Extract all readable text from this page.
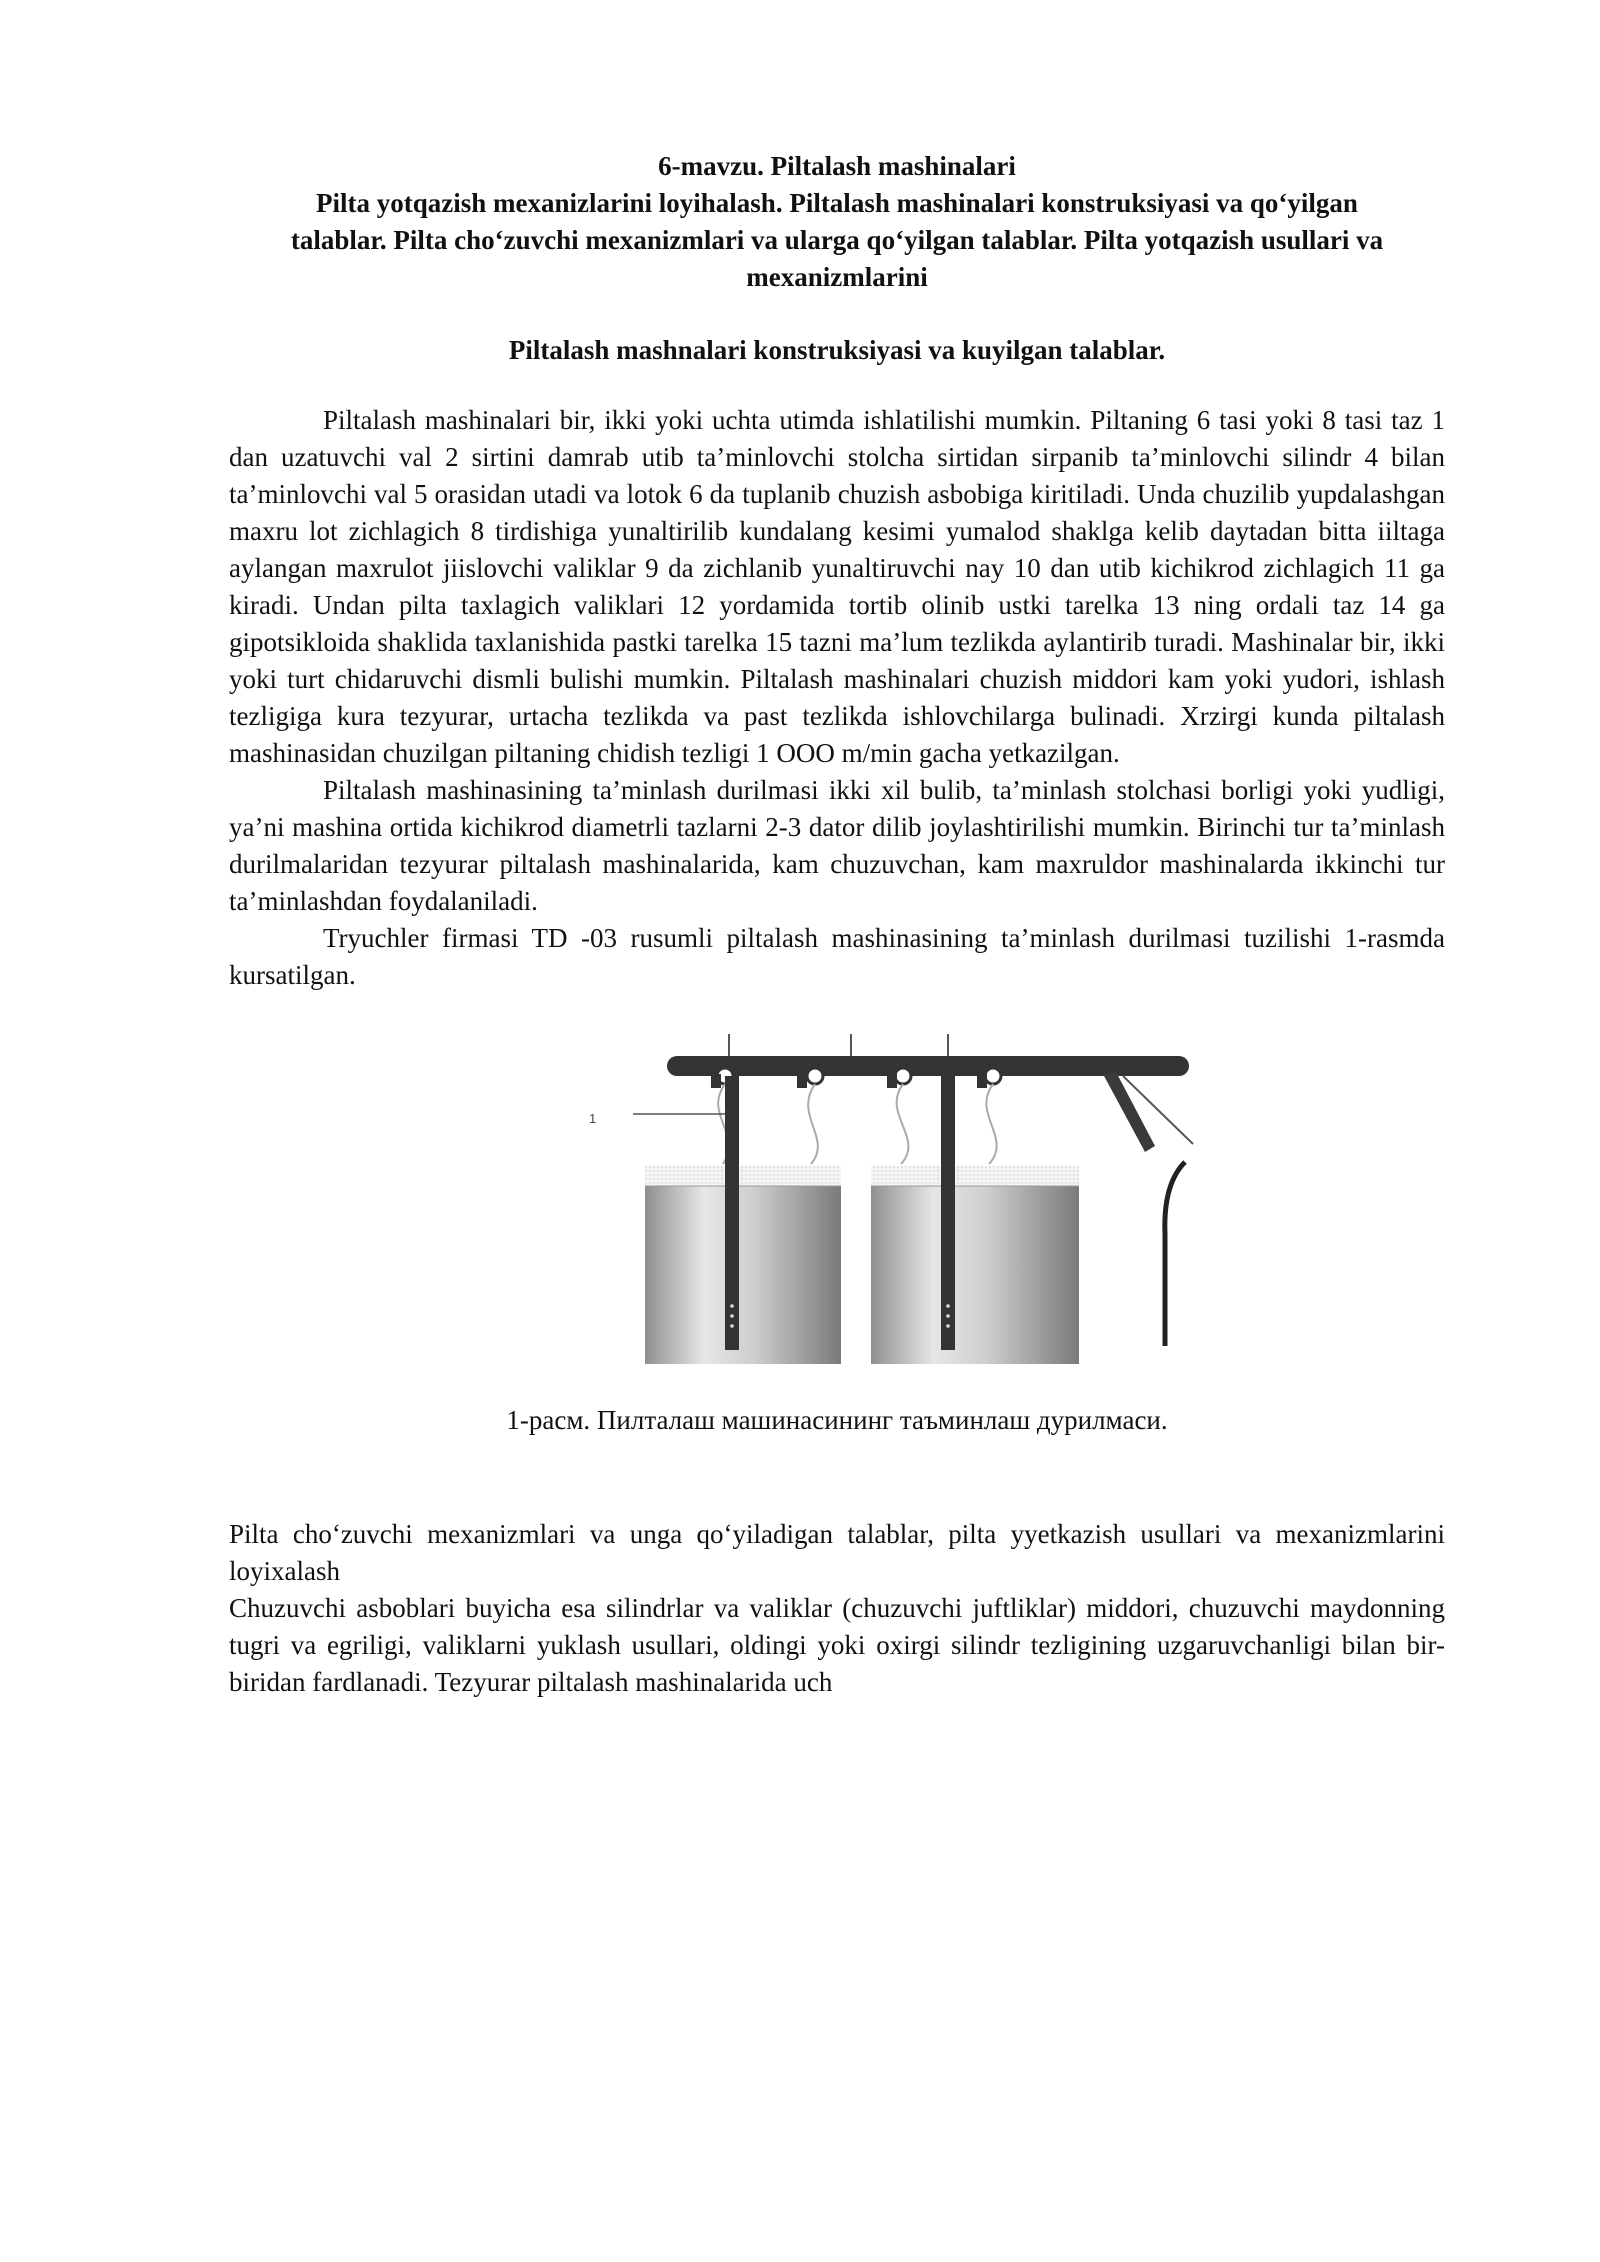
6-mavzu. Piltalash mashinalari
Pilta yotqazish mexanizlarini loyihalash. Piltalash mashinalari konstruksiyasi va qo‘yilgan talablar. Pilta cho‘zuvchi mexanizmlari va ularga qo‘yilgan talablar. Pilta yotqazish usullari va mexanizmlarini
Piltalash mashnalari konstruksiyasi va kuyilgan talablar.

Piltalash mashinalari bir, ikki yoki uchta utimda ishlatilishi mumkin. Piltaning 6 tasi yoki 8 tasi taz 1 dan uzatuvchi val 2 sirtini damrab utib ta’minlovchi stolcha sirtidan sirpanib ta’minlovchi silindr 4 bilan ta’minlovchi val 5 orasidan utadi va lotok 6 da tuplanib chuzish asbobiga kiritiladi. Unda chuzilib yupdalashgan maxru lot zichlagich 8 tirdishiga yunaltirilib kundalang kesimi yumalod shaklga kelib daytadan bitta iiltaga aylangan maxrulot jiislovchi valiklar 9 da zichlanib yunaltiruvchi nay 10 dan utib kichikrod zichlagich 11 ga kiradi. Undan pilta taxlagich valiklari 12 yordamida tortib olinib ustki tarelka 13 ning ordali taz 14 ga gipotsikloida shaklida taxlanishida pastki tarelka 15 tazni ma’lum tezlikda aylantirib turadi. Mashinalar bir, ikki yoki turt chidaruvchi dismli bulishi mumkin. Piltalash mashinalari chuzish middori kam yoki yudori, ishlash tezligiga kura tezyurar, urtacha tezlikda va past tezlikda ishlovchilarga bulinadi. Xrzirgi kunda piltalash mashinasidan chuzilgan piltaning chidish tezligi 1 OOO m/min gacha yetkazilgan.

Piltalash mashinasining ta’minlash durilmasi ikki xil bulib, ta’minlash stolchasi borligi yoki yudligi, ya’ni mashina ortida kichikrod diametrli tazlarni 2-3 dator dilib joylashtirilishi mumkin. Birinchi tur ta’minlash durilmalaridan tezyurar piltalash mashinalarida, kam chuzuvchan, kam maxruldor mashinalarda ikkinchi tur ta’minlashdan foydalaniladi.

Tryuchler firmasi TD -03 rusumli piltalash mashinasining ta’minlash durilmasi tuzilishi 1-rasmda kursatilgan.

1
1-расм. Пилталаш машинасининг таъминлаш дурилмаси.

Pilta cho‘zuvchi mexanizmlari va unga qo‘yiladigan talablar, pilta yyetkazish usullari va mexanizmlarini loyixalash

Chuzuvchi asboblari buyicha esa silindrlar va valiklar (chuzuvchi juftliklar) middori, chuzuvchi maydonning tugri va egriligi, valiklarni yuklash usullari, oldingi yoki oxirgi silindr tezligining uzgaruvchanligi bilan bir-biridan fardlanadi. Tezyurar piltalash mashinalarida uch
